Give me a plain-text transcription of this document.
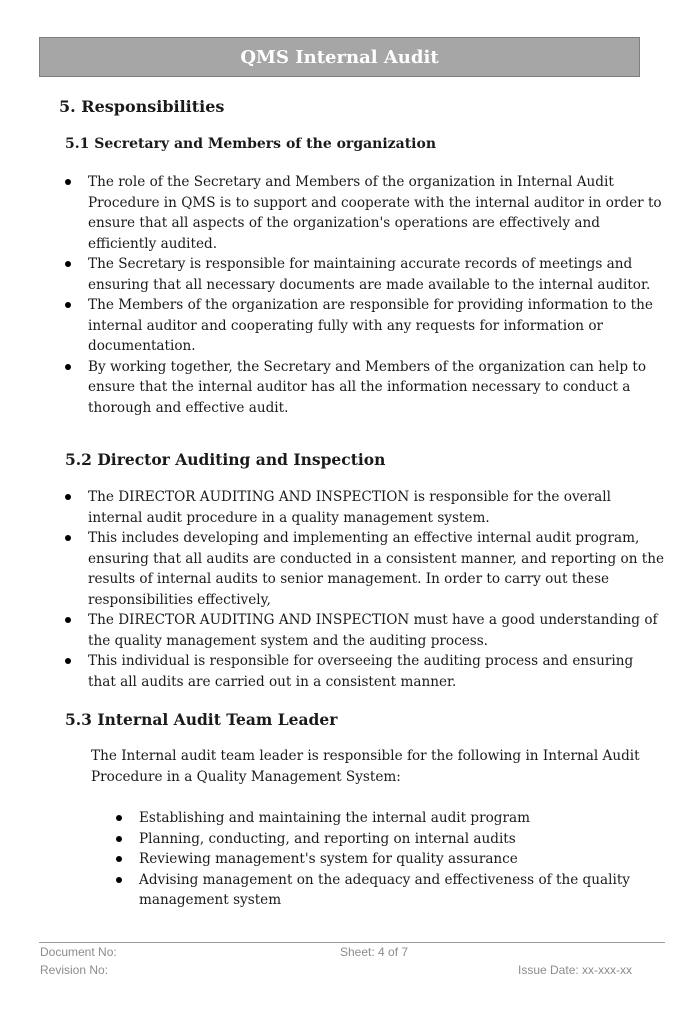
QMS Internal Audit
5. Responsibilities
5.1 Secretary and Members of the organization
The role of the Secretary and Members of the organization in Internal Audit Procedure in QMS is to support and cooperate with the internal auditor in order to ensure that all aspects of the organization's operations are effectively and efficiently audited.
The Secretary is responsible for maintaining accurate records of meetings and ensuring that all necessary documents are made available to the internal auditor.
The Members of the organization are responsible for providing information to the internal auditor and cooperating fully with any requests for information or documentation.
By working together, the Secretary and Members of the organization can help to ensure that the internal auditor has all the information necessary to conduct a thorough and effective audit.
5.2 Director Auditing and Inspection
The DIRECTOR AUDITING AND INSPECTION is responsible for the overall internal audit procedure in a quality management system.
This includes developing and implementing an effective internal audit program, ensuring that all audits are conducted in a consistent manner, and reporting on the results of internal audits to senior management. In order to carry out these responsibilities effectively,
The DIRECTOR AUDITING AND INSPECTION must have a good understanding of the quality management system and the auditing process.
This individual is responsible for overseeing the auditing process and ensuring that all audits are carried out in a consistent manner.
5.3 Internal Audit Team Leader

The Internal audit team leader is responsible for the following in Internal Audit Procedure in a Quality Management System:

Establishing and maintaining the internal audit program
Planning, conducting, and reporting on internal audits
Reviewing management's system for quality assurance
Advising management on the adequacy and effectiveness of the quality management system
Document No:	Sheet: 4 of 7
Revision No:	Issue Date: xx-xxx-xx
